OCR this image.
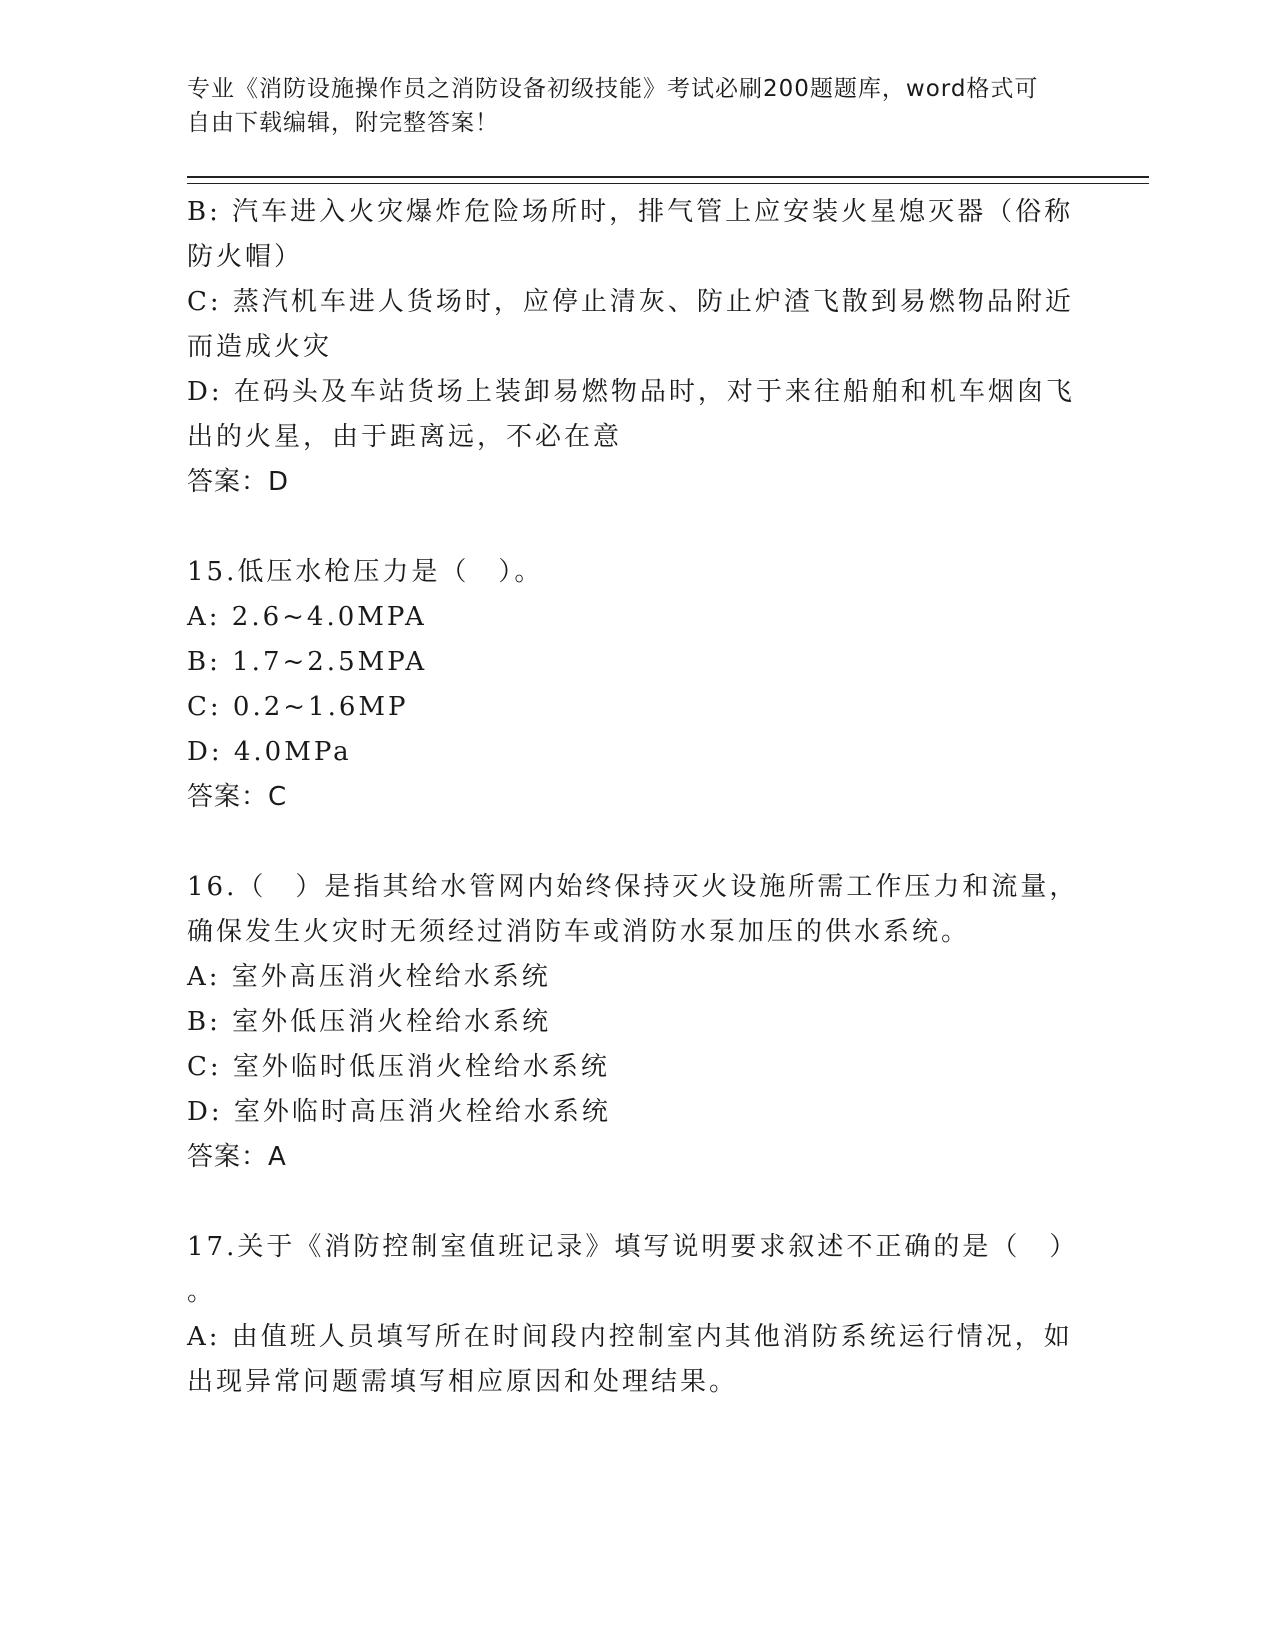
专业《消防设施操作员之消防设备初级技能》考试必刷200题题库，word格式可
自由下载编辑，附完整答案！
B: 汽车进入火灾爆炸危险场所时，排气管上应安装火星熄灭器（俗称
防火帽）
C: 蒸汽机车进人货场时，应停止清灰、防止炉渣飞散到易燃物品附近
而造成火灾
D: 在码头及车站货场上装卸易燃物品时，对于来往船舶和机车烟囱飞
出的火星，由于距离远，不必在意
答案：D
15.低压水枪压力是（　）。
A: 2.6~4.0MPA
B: 1.7~2.5MPA
C: 0.2~1.6MP
D: 4.0MPa
答案：C
16.（　）是指其给水管网内始终保持灭火设施所需工作压力和流量，
确保发生火灾时无须经过消防车或消防水泵加压的供水系统。
A: 室外高压消火栓给水系统
B: 室外低压消火栓给水系统
C: 室外临时低压消火栓给水系统
D: 室外临时高压消火栓给水系统
答案：A
17.关于《消防控制室值班记录》填写说明要求叙述不正确的是（　）
。
A: 由值班人员填写所在时间段内控制室内其他消防系统运行情况，如
出现异常问题需填写相应原因和处理结果。
